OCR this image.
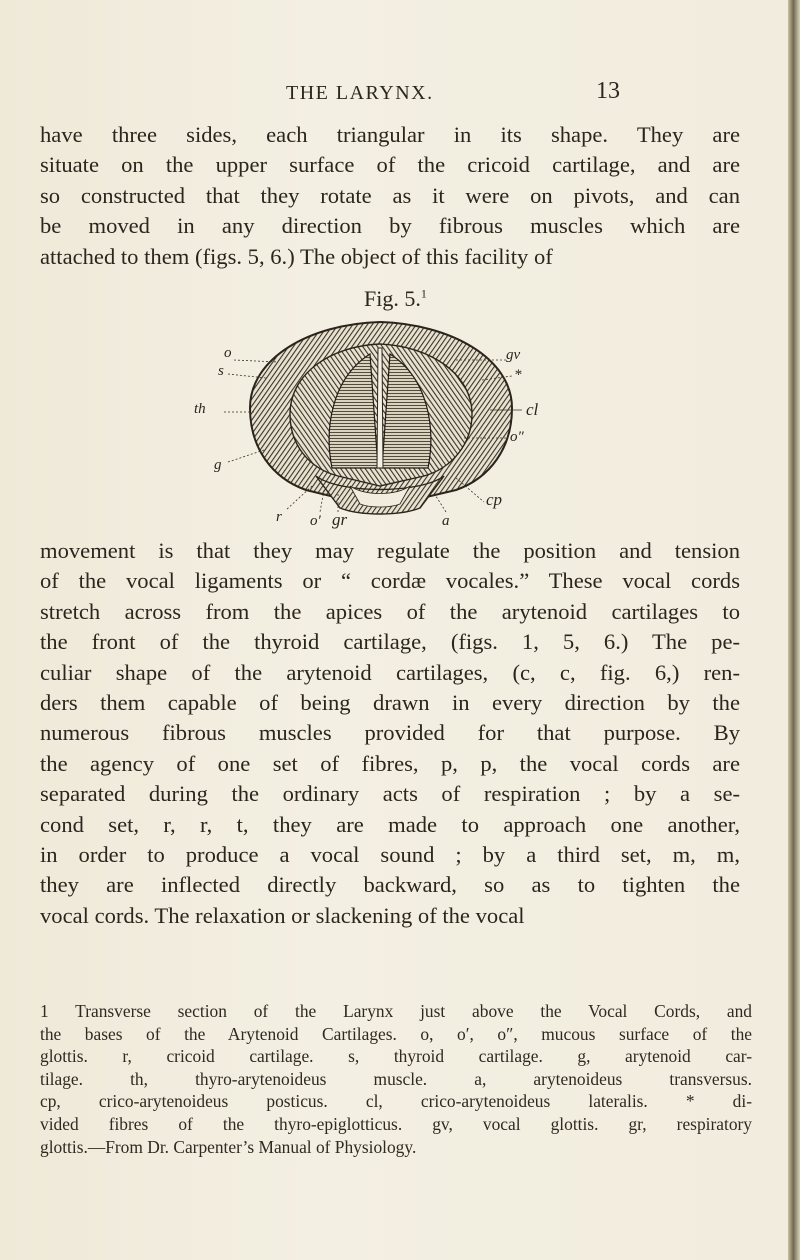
THE LARYNX.	13

have three sides, each triangular in its shape. They are

situate on the upper surface of the cricoid cartilage, and are

so constructed that they rotate as it were on pivots, and can

be moved in any direction by fibrous muscles which are

attached to them (figs. 5, 6.) The object of this facility of

Fig. 5.$^1$
o
s
th
g
gv
*
cl
o″
cp
r o′ gr	a

movement is that they may regulate the position and tension

of the vocal ligaments or “ cordæ vocales.” These vocal cords

stretch across from the apices of the arytenoid cartilages to

the front of the thyroid cartilage, (figs. 1, 5, 6.) The pe-

culiar shape of the arytenoid cartilages, (c, c, fig. 6,) ren-

ders them capable of being drawn in every direction by the

numerous fibrous muscles provided for that purpose. By

the agency of one set of fibres, p, p, the vocal cords are

separated during the ordinary acts of respiration ; by a se-

cond set, r, r, t, they are made to approach one another,

in order to produce a vocal sound ; by a third set, m, m,

they are inflected directly backward, so as to tighten the

vocal cords. The relaxation or slackening of the vocal

1 Transverse section of the Larynx just above the Vocal Cords, and
the bases of the Arytenoid Cartilages. o, o′, o″, mucous surface of the
glottis. r, cricoid cartilage. s, thyroid cartilage. g, arytenoid car-
tilage. th, thyro-arytenoideus muscle. a, arytenoideus transversus.
cp, crico-arytenoideus posticus. cl, crico-arytenoideus lateralis. * di-
vided fibres of the thyro-epiglotticus. gv, vocal glottis. gr, respiratory
glottis.—From Dr. Carpenter’s Manual of Physiology.
